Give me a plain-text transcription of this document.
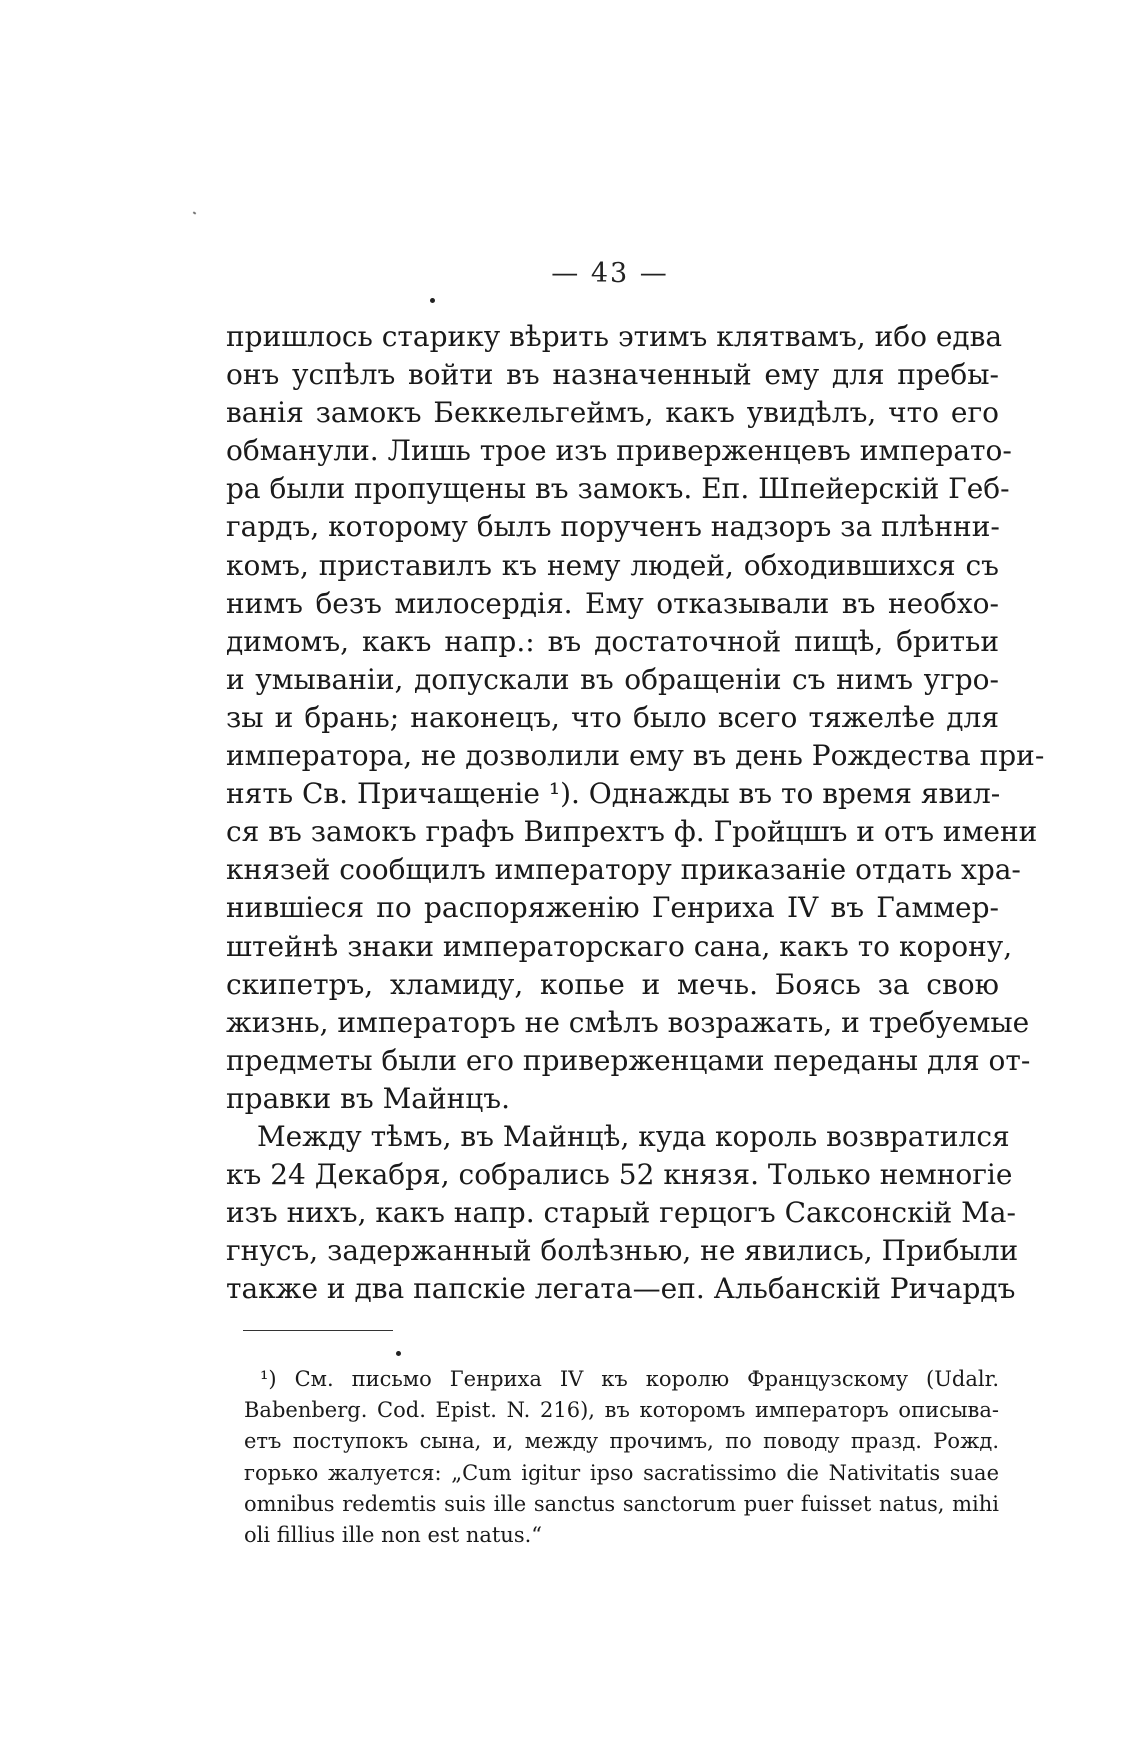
— 43 —
пришлось старику вѣрить этимъ клятвамъ, ибо едва
онъ успѣлъ войти въ назначенный ему для пребы-
ванія замокъ Беккельгеймъ, какъ увидѣлъ, что его
обманули. Лишь трое изъ приверженцевъ императо-
ра были пропущены въ замокъ. Еп. Шпейерскій Геб-
гардъ, которому былъ порученъ надзоръ за плѣнни-
комъ, приставилъ къ нему людей, обходившихся съ
нимъ безъ милосердія. Ему отказывали въ необхо-
димомъ, какъ напр.: въ достаточной пищѣ, бритьи
и умываніи, допускали въ обращеніи съ нимъ угро-
зы и брань; наконецъ, что было всего тяжелѣе для
императора, не дозволили ему въ день Рождества при-
нять Св. Причащеніе ¹). Однажды въ то время явил-
ся въ замокъ графъ Випрехтъ ф. Гройцшъ и отъ имени
князей сообщилъ императору приказаніе отдать хра-
нившіеся по распоряженію Генриха IV въ Гаммер-
штейнѣ знаки императорскаго сана, какъ то корону,
скипетръ, хламиду, копье и мечь. Боясь за свою
жизнь, императоръ не смѣлъ возражать, и требуемые
предметы были его приверженцами переданы для от-
правки въ Майнцъ.
Между тѣмъ, въ Майнцѣ, куда король возвратился
къ 24 Декабря, собрались 52 князя. Только немногіе
изъ нихъ, какъ напр. старый герцогъ Саксонскій Ма-
гнусъ, задержанный болѣзнью, не явились, Прибыли
также и два папскіе легата—еп. Альбанскій Ричардъ
¹) См. письмо Генриха IV къ королю Французскому (Udalr.
Babenberg. Cod. Epist. N. 216), въ которомъ императоръ описыва-
етъ поступокъ сына, и, между прочимъ, по поводу празд. Рожд.
горько жалуется: „Cum igitur ipso sacratissimo die Nativitatis suae
omnibus redemtis suis ille sanctus sanctorum puer fuisset natus, mihi
oli fillius ille non est natus.“
